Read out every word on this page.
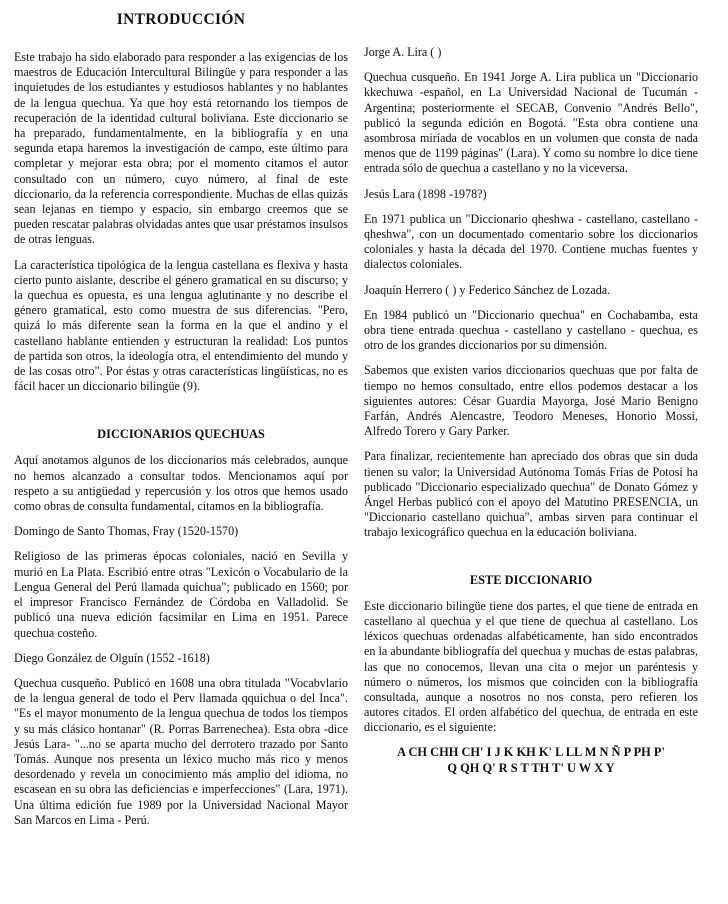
INTRODUCCIÓN

Este trabajo ha sido elaborado para responder a las exigencias de los maestros de Educación Intercultural Bilingüe y para responder a las inquietudes de los estudiantes y estudiosos hablantes y no hablantes de la lengua quechua. Ya que hoy está retornando los tiempos de recuperación de la identidad cultural boliviana. Este diccionario se ha preparado, fundamentalmente, en la bibliografía y en una segunda etapa haremos la investigación de campo, este último para completar y mejorar esta obra; por el momento citamos el autor consultado con un número, cuyo número, al final de este diccionario, da la referencia correspondiente. Muchas de ellas quizás sean lejanas en tiempo y espacio, sin embargo creemos que se pueden rescatar palabras olvidadas antes que usar préstamos insulsos de otras lenguas.

La característica tipológica de la lengua castellana es flexiva y hasta cierto punto aislante, describe el género gramatical en su discurso; y la quechua es opuesta, es una lengua aglutinante y no describe el género gramatical, esto como muestra de sus diferencias. "Pero, quizá lo más diferente sean la forma en la que el andino y el castellano hablante entienden y estructuran la realidad: Los puntos de partida son otros, la ideología otra, el entendimiento del mundo y de las cosas otro". Por éstas y otras características lingüísticas, no es fácil hacer un diccionario bilingüe (9).

DICCIONARIOS QUECHUAS

Aquí anotamos algunos de los diccionarios más celebrados, aunque no hemos alcanzado a consultar todos. Mencionamos aquí por respeto a su antigüedad y repercusión y los otros que hemos usado como obras de consulta fundamental, citamos en la bibliografía.

Domingo de Santo Thomas, Fray (1520-1570)

Religioso de las primeras épocas coloniales, nació en Sevilla y murió en La Plata. Escribió entre otras "Lexicón o Vocabulario de la Lengua General del Perú llamada quichua"; publicado en 1560; por el impresor Francisco Fernández de Córdoba en Valladolid. Se publicó una nueva edición facsimilar en Lima en 1951. Parece quechua costeño.

Diego González de Olguín (1552 -1618)

Quechua cusqueño. Publicó en 1608 una obra titulada "Vocabvlario de la lengua general de todo el Perv llamada qquichua o del Inca". "Es el mayor monumento de la lengua quechua de todos los tiempos y su más clásico hontanar" (R. Porras Barrenechea). Esta obra -dice Jesús Lara- "...no se aparta mucho del derrotero trazado por Santo Tomás. Aunque nos presenta un léxico mucho más rico y menos desordenado y revela un conocimiento más amplio del idioma, no escasean en su obra las deficiencias e imperfecciones" (Lara, 1971). Una última edición fue 1989 por la Universidad Nacional Mayor San Marcos en Lima - Perú.

Jorge A. Lira ( )

Quechua cusqueño. En 1941 Jorge A. Lira publica un "Diccionario kkechuwa -español, en La Universidad Nacional de Tucumán - Argentina; posteriormente el SECAB, Convenio "Andrés Bello", publicó la segunda edición en Bogotá. "Esta obra contiene una asombrosa miríada de vocablos en un volumen que consta de nada menos que de 1199 páginas" (Lara). Y como su nombre lo dice tiene entrada sólo de quechua a castellano y no la viceversa.

Jesús Lara (1898 -1978?)

En 1971 publica un "Diccionario qheshwa - castellano, castellano - qheshwa", con un documentado comentario sobre los diccionarios coloniales y hasta la década del 1970. Contiene muchas fuentes y dialectos coloniales.

Joaquín Herrero ( ) y Federico Sánchez de Lozada.

En 1984 publicó un "Diccionario quechua" en Cochabamba, esta obra tiene entrada quechua - castellano y castellano - quechua, es otro de los grandes diccionarios por su dimensión.

Sabemos que existen varios diccionarios quechuas que por falta de tiempo no hemos consultado, entre ellos podemos destacar a los siguientes autores: César Guardia Mayorga, José Mario Benigno Farfán, Andrés Alencastre, Teodoro Meneses, Honorio Mossi, Alfredo Torero y Gary Parker.

Para finalizar, recientemente han apreciado dos obras que sin duda tienen su valor; la Universidad Autónoma Tomás Frías de Potosí ha publicado "Diccionario especializado quechua" de Donato Gómez y Ángel Herbas publicó con el apoyo del Matutino PRESENCIA, un "Diccionario castellano quichua", ambas sirven para continuar el trabajo lexicográfico quechua en la educación boliviana.

ESTE DICCIONARIO

Este diccionario bilingüe tiene dos partes, el que tiene de entrada en castellano al quechua y el que tiene de quechua al castellano. Los léxicos quechuas ordenadas alfabéticamente, han sido encontrados en la abundante bibliografía del quechua y muchas de estas palabras, las que no conocemos, llevan una cita o mejor un paréntesis y número o números, los mismos que coinciden con la bibliografía consultada, aunque a nosotros no nos consta, pero refieren los autores citados. El orden alfabético del quechua, de entrada en este diccionario, es el siguiente:

A CH CHH CH' I J K KH K' L LL M N Ñ P PH P'
Q QH Q' R S T TH T' U W X Y
